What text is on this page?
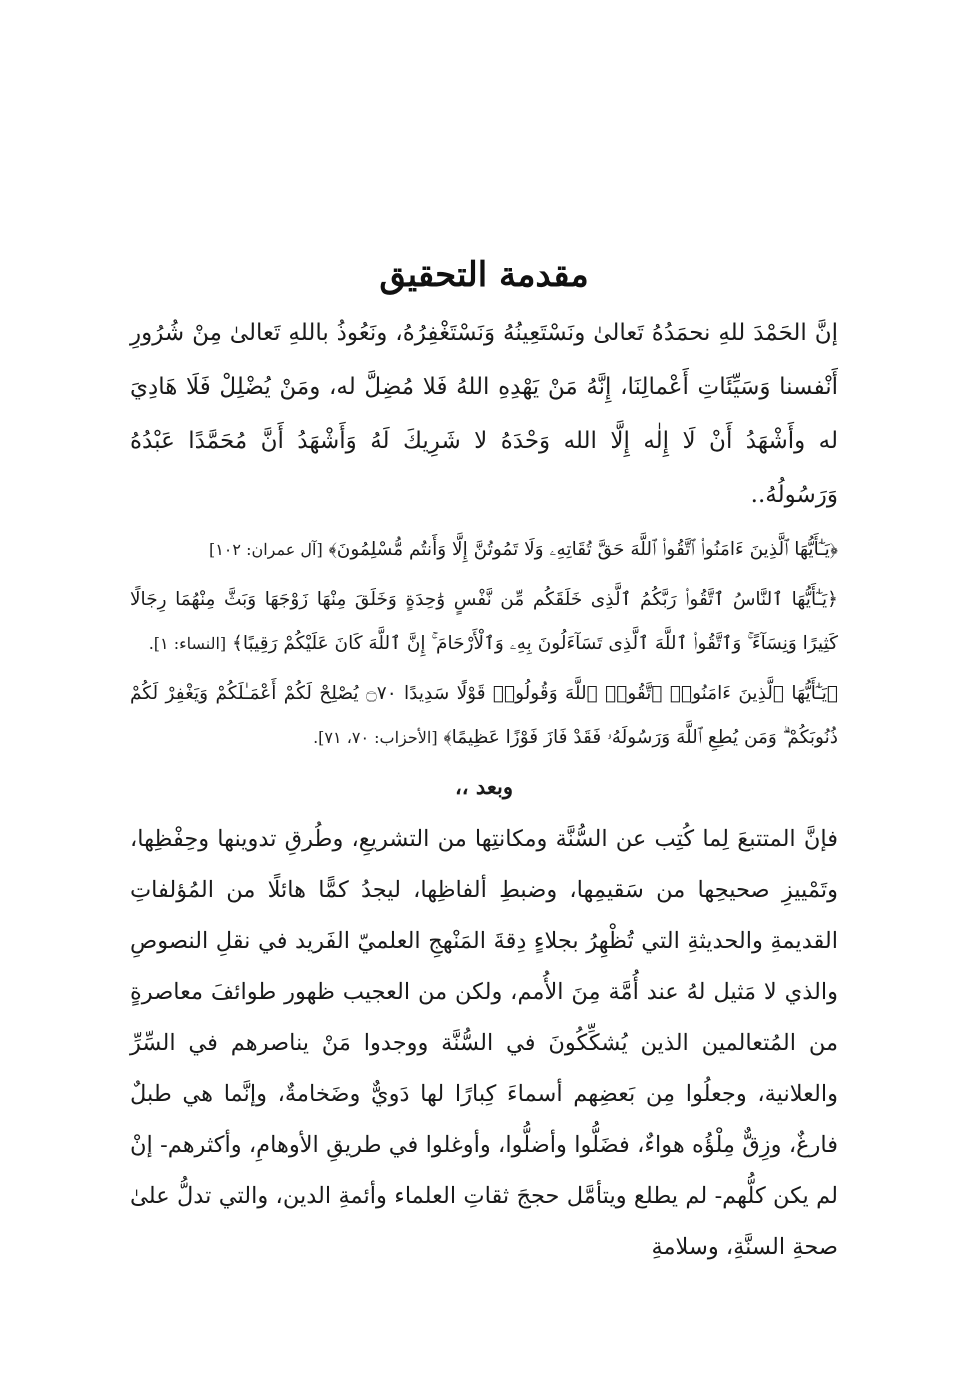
مقدمة التحقيق

إنَّ الحَمْدَ للهِ نحمَدُهُ تَعالىٰ ونَسْتَعِينُهُ وَنَسْتَغْفِرُهُ، ونَعُوذُ باللهِ تَعالىٰ مِنْ شُرُورِ أَنْفسنا وَسَيِّئَاتِ أَعْمالِنَا، إِنَّهُ مَنْ يَهْدِهِ اللهُ فَلا مُضِلَّ له، ومَنْ يُضْلِلْ فَلَا هَادِيَ له وأَشْهَدُ أَنْ لَا إِلٰه إِلَّا الله وَحْدَهُ لا شَرِيكَ لَهُ وَأَشْهَدُ أَنَّ مُحَمَّدًا عَبْدُهُ وَرَسُولُهُ..

﴿يَـٰٓأَيُّهَا ٱلَّذِينَ ءَامَنُوا۟ ٱتَّقُوا۟ ٱللَّهَ حَقَّ تُقَاتِهِۦ وَلَا تَمُوتُنَّ إِلَّا وَأَنتُم مُّسْلِمُونَ﴾ [آل عمران: ١٠٢]

﴿يَـٰٓأَيُّهَا ٱلنَّاسُ ٱتَّقُوا۟ رَبَّكُمُ ٱلَّذِى خَلَقَكُم مِّن نَّفْسٍ وَٰحِدَةٍ وَخَلَقَ مِنْهَا زَوْجَهَا وَبَثَّ مِنْهُمَا رِجَالًا كَثِيرًا وَنِسَآءً ۚ وَٱتَّقُوا۟ ٱللَّهَ ٱلَّذِى تَسَآءَلُونَ بِهِۦ وَٱلْأَرْحَامَ ۚ إِنَّ ٱللَّهَ كَانَ عَلَيْكُمْ رَقِيبًا﴾ [النساء: ١].

﴿يَـٰٓأَيُّهَا ٱلَّذِينَ ءَامَنُوا۟ ٱتَّقُوا۟ ٱللَّهَ وَقُولُوا۟ قَوْلًا سَدِيدًا ۝٧٠ يُصْلِحْ لَكُمْ أَعْمَـٰلَكُمْ وَيَغْفِرْ لَكُمْ ذُنُوبَكُمْ ۗ وَمَن يُطِعِ ٱللَّهَ وَرَسُولَهُۥ فَقَدْ فَازَ فَوْزًا عَظِيمًا﴾ [الأحزاب: ٧٠، ٧١].

وبعد ،،

فإنَّ المتتبعَ لِما كُتِب عن السُّنَّة ومكانتِها من التشريعِ، وطُرقِ تدوينها وحِفْظِها، وتَمْييزِ صحيحِها من سَقيمِها، وضبطِ ألفاظِها، ليجدُ كمًّا هائلًا من المُؤلفاتِ القديمةِ والحديثةِ التي تُظْهِرُ بجلاءٍ دِقةَ المَنْهجِ العلميّ الفَريد في نقلِ النصوصِ والذي لا مَثيل لهُ عند أُمَّة مِنَ الأُمم، ولكن من العجيب ظهور طوائفَ معاصرةٍ من المُتعالمين الذين يُشكِّكُونَ في السُّنَّة ووجدوا مَنْ يناصرهم في السِّرِّ والعلانية، وجعلُوا مِن بَعضِهم أسماءَ كِبارًا لها دَويٌّ وضَخامةٌ، وإنَّما هي طبلٌ فارغٌ، وزِقٌّ مِلْؤُه هواءٌ، فضَلُّوا وأضلُّوا، وأوغلوا في طريقِ الأوهامِ، وأكثرهم- إنْ لم يكن كلُّهم- لم يطلع ويتأمَّل حججَ ثقاتِ العلماء وأئمةِ الدين، والتي تدلُّ علىٰ صحةِ السنَّةِ، وسلامةِ
